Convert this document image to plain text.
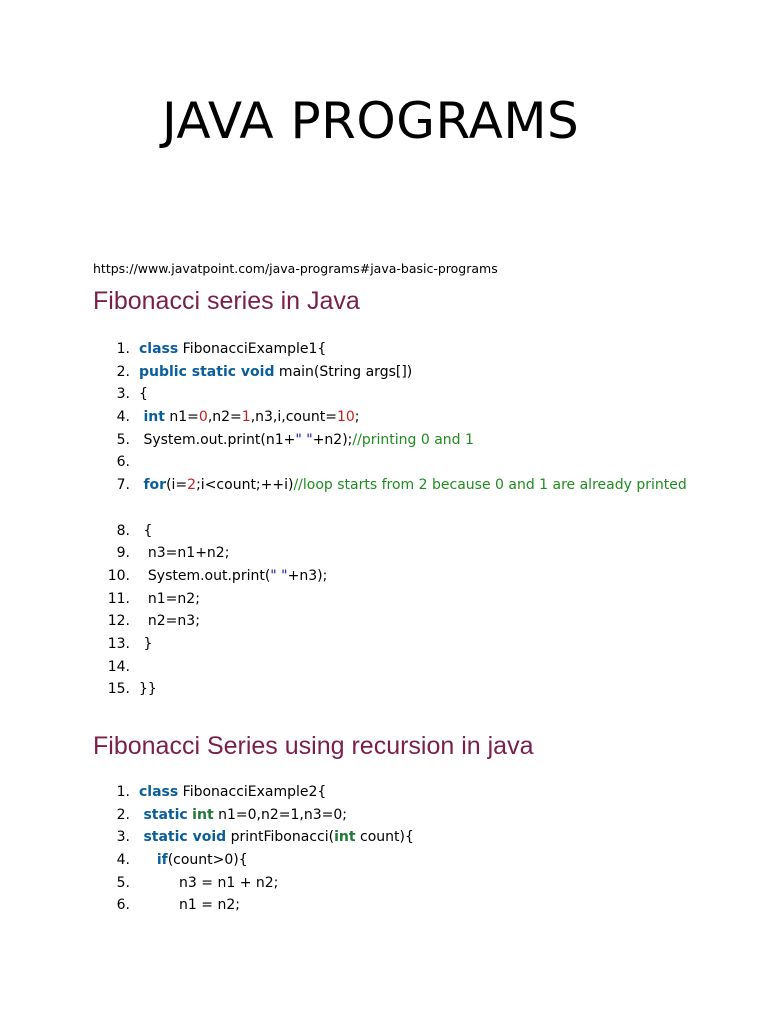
JAVA PROGRAMS
https://www.javatpoint.com/java-programs#java-basic-programs
Fibonacci series in Java
1. class FibonacciExample1{
2. public static void main(String args[])
3. {
4. int n1=0,n2=1,n3,i,count=10;
5. System.out.print(n1+" "+n2);//printing 0 and 1
6.
7. for(i=2;i<count;++i)//loop starts from 2 because 0 and 1 are already printed
8. {
9. n3=n1+n2;
10. System.out.print(" "+n3);
11. n1=n2;
12. n2=n3;
13. }
14.
15. }}
Fibonacci Series using recursion in java
1. class FibonacciExample2{
2. static int n1=0,n2=1,n3=0;
3. static void printFibonacci(int count){
4.	if(count>0){
5. n3 = n1 + n2;
6. n1 = n2;
